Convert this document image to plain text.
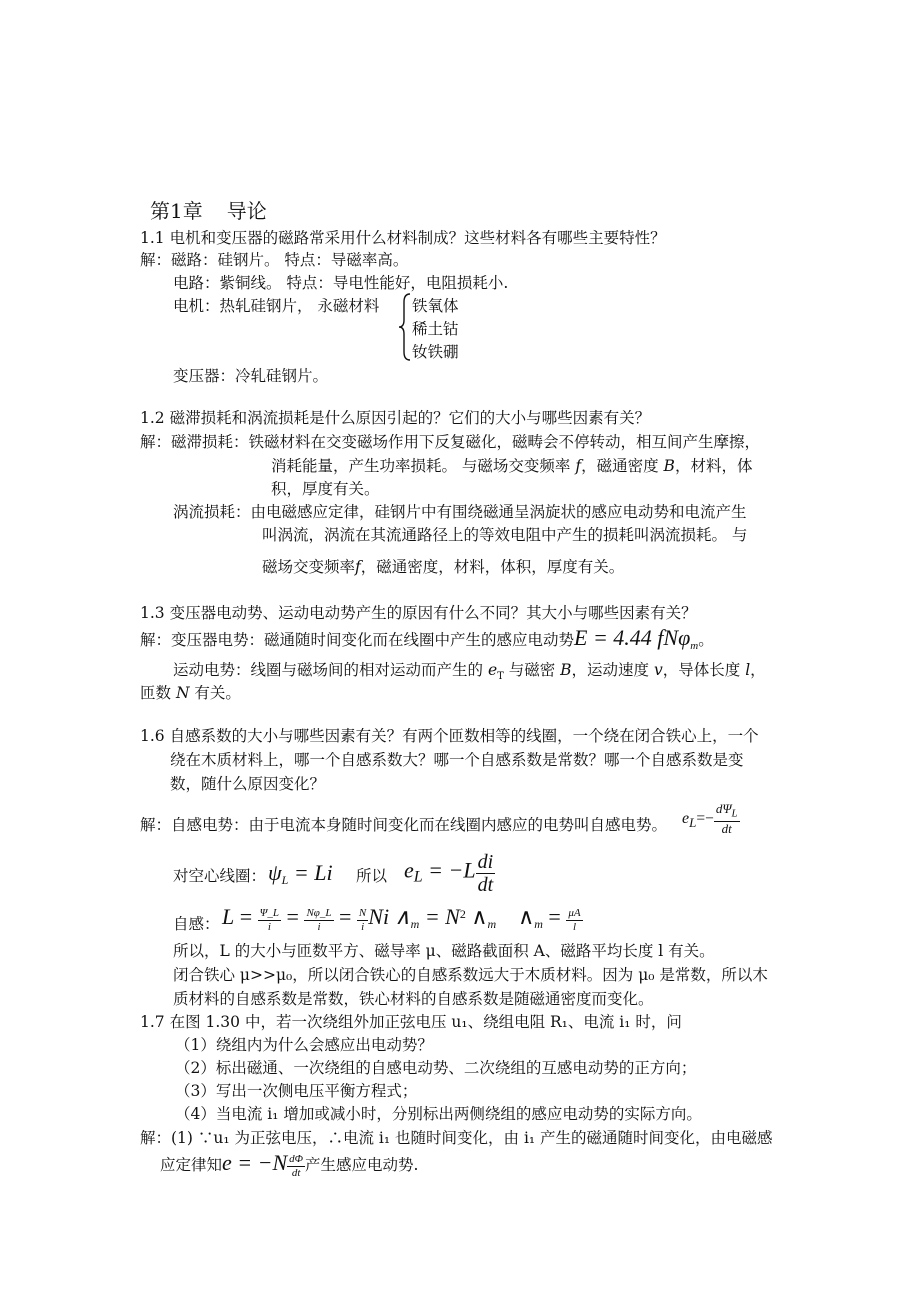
第1章 导论
1.1 电机和变压器的磁路常采用什么材料制成？这些材料各有哪些主要特性？
解：磁路：硅钢片。 特点：导磁率高。
电路：紫铜线。 特点：导电性能好，电阻损耗小.
电机：热轧硅钢片， 永磁材料 铁氧体
稀土钴
钕铁硼
变压器：冷轧硅钢片。
1.2 磁滞损耗和涡流损耗是什么原因引起的？它们的大小与哪些因素有关？
解：磁滞损耗：铁磁材料在交变磁场作用下反复磁化，磁畴会不停转动，相互间产生摩擦，
消耗能量，产生功率损耗。 与磁场交变频率 f，磁通密度 B，材料，体
积，厚度有关。
涡流损耗：由电磁感应定律，硅钢片中有围绕磁通呈涡旋状的感应电动势和电流产生
叫涡流，涡流在其流通路径上的等效电阻中产生的损耗叫涡流损耗。 与
磁场交变频率f，磁通密度，材料，体积，厚度有关。
1.3 变压器电动势、运动电动势产生的原因有什么不同？其大小与哪些因素有关？
解：变压器电势：磁通随时间变化而在线圈中产生的感应电动势E = 4.44 fNφ$_m$。
运动电势：线圈与磁场间的相对运动而产生的 $e_T$ 与磁密 B，运动速度 v，导体长度 l，
匝数 N 有关。
1.6 自感系数的大小与哪些因素有关？有两个匝数相等的线圈，一个绕在闭合铁心上，一个
绕在木质材料上，哪一个自感系数大？哪一个自感系数是常数？哪一个自感系数是变
数，随什么原因变化？
解：自感电势：由于电流本身随时间变化而在线圈内感应的电势叫自感电势。 $e_L=- \frac{d\Psi_L}{dt}$
对空心线圈： $\psi_L = Li$ 所以 $e_L = -L \frac{di}{dt}$
自感： $L = \frac{\Psi\_L}{i} = \frac{N\varphi\_L}{i} = \frac{N}{i}$ Ni $\wedge_m = N^2$ $\wedge_m$ $\wedge_m = \frac{\mu A}{l}$
所以，L 的大小与匝数平方、磁导率 μ、磁路截面积 A、磁路平均长度 l 有关。
闭合铁心 μ>>μ₀，所以闭合铁心的自感系数远大于木质材料。因为 μ₀ 是常数，所以木
质材料的自感系数是常数，铁心材料的自感系数是随磁通密度而变化。
1.7 在图 1.30 中，若一次绕组外加正弦电压 u₁、绕组电阻 R₁、电流 i₁ 时，问
（1）绕组内为什么会感应出电动势？
（2）标出磁通、一次绕组的自感电动势、二次绕组的互感电动势的正方向；
（3）写出一次侧电压平衡方程式；
（4）当电流 i₁ 增加或减小时，分别标出两侧绕组的感应电动势的实际方向。
解：(1) ∵u₁ 为正弦电压，∴电流 i₁ 也随时间变化，由 i₁ 产生的磁通随时间变化，由电磁感
应定律知$e = -N \frac{d\Phi}{dt}$ 产生感应电动势.
